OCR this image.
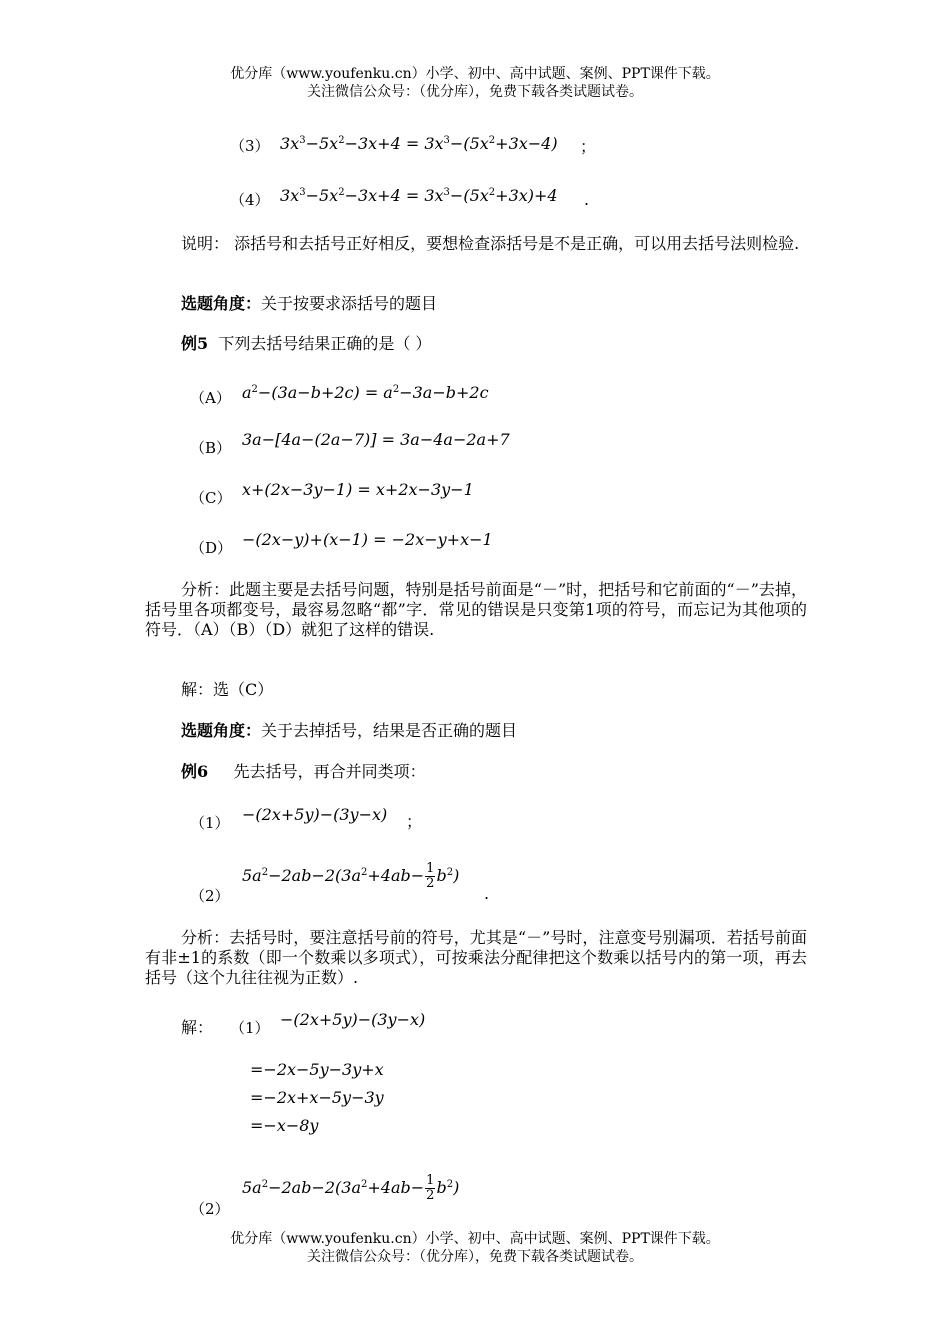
优分库（www.youfenku.cn）小学、初中、高中试题、案例、PPT课件下载。
关注微信公众号：（优分库），免费下载各类试题试卷。
（3） $3x^3-5x^2-3x+4 = 3x^3-(5x^2+3x-4)$ ；
（4） $3x^3-5x^2-3x+4 = 3x^3-(5x^2+3x)+4$ .
说明： 添括号和去括号正好相反，要想检查添括号是不是正确，可以用去括号法则检验.
选题角度：关于按要求添括号的题目
例5 下列去括号结果正确的是（ ）
（A） $a^2-(3a-b+2c) = a^2-3a-b+2c$
（B） 3a−[4a−(2a−7)] = 3a−4a−2a+7
（C） x+(2x−3y−1) = x+2x−3y−1
（D） −(2x−y)+(x−1) = −2x−y+x−1
分析：此题主要是去括号问题，特别是括号前面是“－”时，把括号和它前面的“－”去掉，括号里各项都变号，最容易忽略“都”字．常见的错误是只变第1项的符号，而忘记为其他项的符号．（A）（B）（D）就犯了这样的错误.
解：选（C）
选题角度：关于去掉括号，结果是否正确的题目
例6 先去括号，再合并同类项：
（1） −(2x+5y)−(3y−x) ；
（2）
$5a^2-2ab-2(3a^2+4ab- \frac{1}{2} b^2)$
.
分析：去括号时，要注意括号前的符号，尤其是“－”号时，注意变号别漏项．若括号前面有非±1的系数（即一个数乘以多项式），可按乘法分配律把这个数乘以括号内的第一项，再去括号（这个九往往视为正数）.
解： （1） −(2x+5y)−(3y−x)
=−2x−5y−3y+x
=−2x+x−5y−3y
=−x−8y
（2）
$5a^2-2ab-2(3a^2+4ab- \frac{1}{2} b^2)$
优分库（www.youfenku.cn）小学、初中、高中试题、案例、PPT课件下载。
关注微信公众号：（优分库），免费下载各类试题试卷。
